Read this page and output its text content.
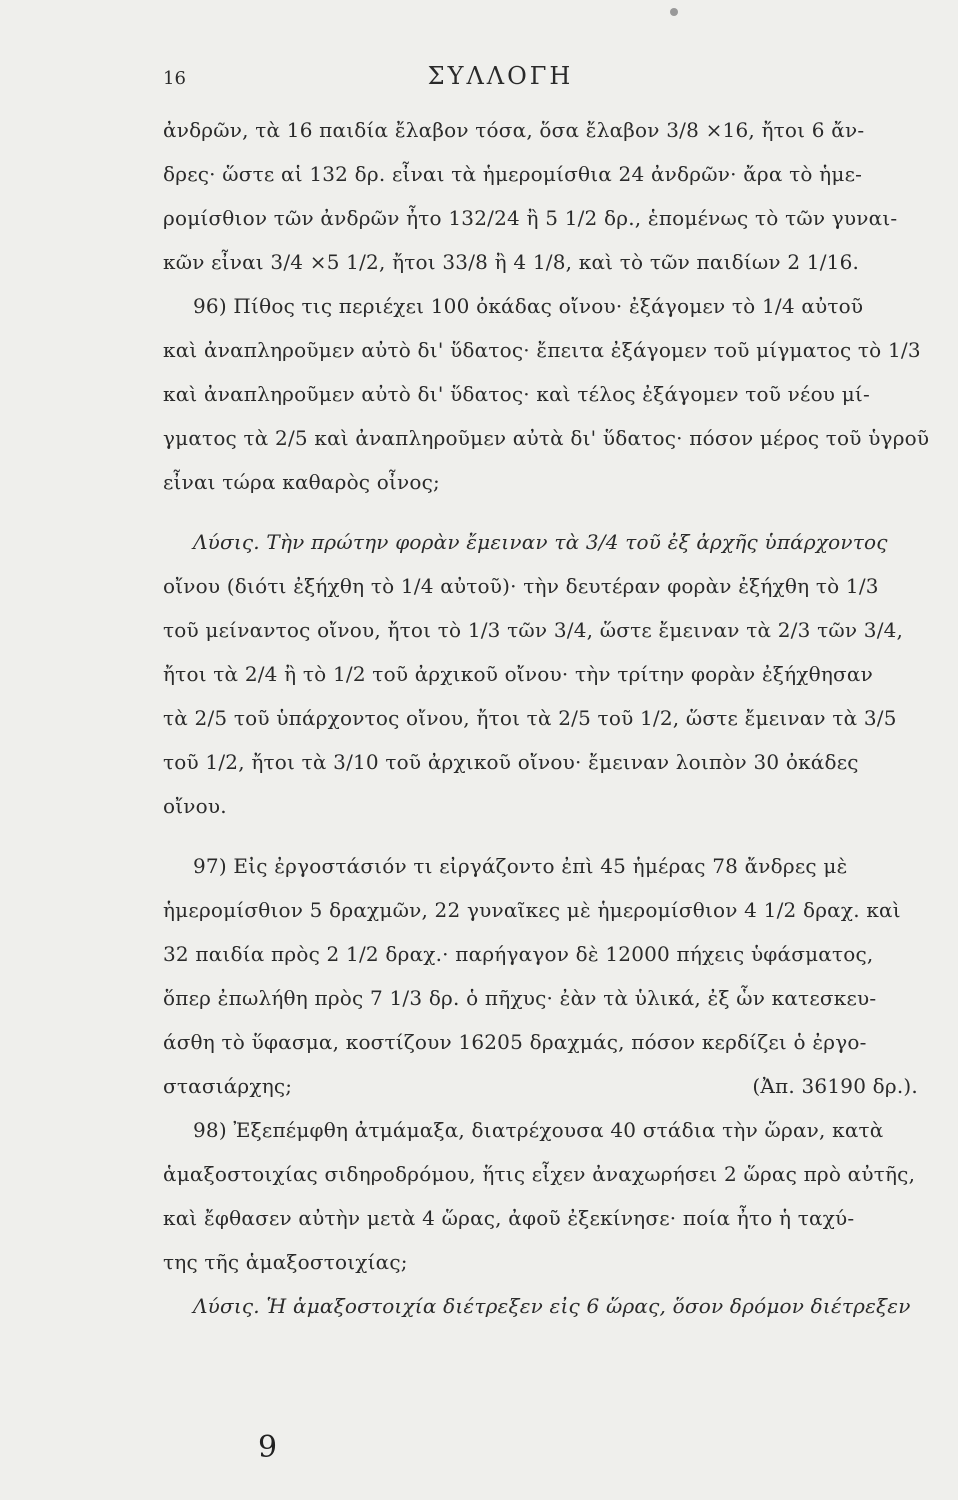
16	ΣΥΛΛΟΓΗ
ἀνδρῶν, τὰ 16 παιδία ἔλαβον τόσα, ὅσα ἔλαβον 3/8 ×16, ἤτοι 6 ἄν-
δρες· ὥστε αἱ 132 δρ. εἶναι τὰ ἡμερομίσθια 24 ἀνδρῶν· ἄρα τὸ ἡμε-
ρομίσθιον τῶν ἀνδρῶν ἦτο 132/24 ἢ 5 1/2 δρ., ἑπομένως τὸ τῶν γυναι-
κῶν εἶναι 3/4 ×5 1/2, ἤτοι 33/8 ἢ 4 1/8, καὶ τὸ τῶν παιδίων 2 1/16.
96) Πίθος τις περιέχει 100 ὀκάδας οἴνου· ἐξάγομεν τὸ 1/4 αὐτοῦ
καὶ ἀναπληροῦμεν αὐτὸ δι' ὕδατος· ἔπειτα ἐξάγομεν τοῦ μίγματος τὸ 1/3
καὶ ἀναπληροῦμεν αὐτὸ δι' ὕδατος· καὶ τέλος ἐξάγομεν τοῦ νέου μί-
γματος τὰ 2/5 καὶ ἀναπληροῦμεν αὐτὰ δι' ὕδατος· πόσον μέρος τοῦ ὑγροῦ
εἶναι τώρα καθαρὸς οἶνος;
Λύσις. Τὴν πρώτην φορὰν ἔμειναν τὰ 3/4 τοῦ ἐξ ἀρχῆς ὑπάρχοντος
οἴνου (διότι ἐξήχθη τὸ 1/4 αὐτοῦ)· τὴν δευτέραν φορὰν ἐξήχθη τὸ 1/3
τοῦ μείναντος οἴνου, ἤτοι τὸ 1/3 τῶν 3/4, ὥστε ἔμειναν τὰ 2/3 τῶν 3/4,
ἤτοι τὰ 2/4 ἢ τὸ 1/2 τοῦ ἀρχικοῦ οἴνου· τὴν τρίτην φορὰν ἐξήχθησαν
τὰ 2/5 τοῦ ὑπάρχοντος οἴνου, ἤτοι τὰ 2/5 τοῦ 1/2, ὥστε ἔμειναν τὰ 3/5
τοῦ 1/2, ἤτοι τὰ 3/10 τοῦ ἀρχικοῦ οἴνου· ἔμειναν λοιπὸν 30 ὀκάδες
οἴνου.
97) Εἰς ἐργοστάσιόν τι εἰργάζοντο ἐπὶ 45 ἡμέρας 78 ἄνδρες μὲ
ἡμερομίσθιον 5 δραχμῶν, 22 γυναῖκες μὲ ἡμερομίσθιον 4 1/2 δραχ. καὶ
32 παιδία πρὸς 2 1/2 δραχ.· παρήγαγον δὲ 12000 πήχεις ὑφάσματος,
ὅπερ ἐπωλήθη πρὸς 7 1/3 δρ. ὁ πῆχυς· ἐὰν τὰ ὑλικά, ἐξ ὧν κατεσκευ-
άσθη τὸ ὕφασμα, κοστίζουν 16205 δραχμάς, πόσον κερδίζει ὁ ἐργο-
στασιάρχης;	(Ἀπ. 36190 δρ.).
98) Ἐξεπέμφθη ἀτμάμαξα, διατρέχουσα 40 στάδια τὴν ὥραν, κατὰ
ἁμαξοστοιχίας σιδηροδρόμου, ἥτις εἶχεν ἀναχωρήσει 2 ὥρας πρὸ αὐτῆς,
καὶ ἔφθασεν αὐτὴν μετὰ 4 ὥρας, ἀφοῦ ἐξεκίνησε· ποία ἦτο ἡ ταχύ-
της τῆς ἁμαξοστοιχίας;
Λύσις. Ἡ ἁμαξοστοιχία διέτρεξεν εἰς 6 ὥρας, ὅσον δρόμον διέτρεξεν
9
